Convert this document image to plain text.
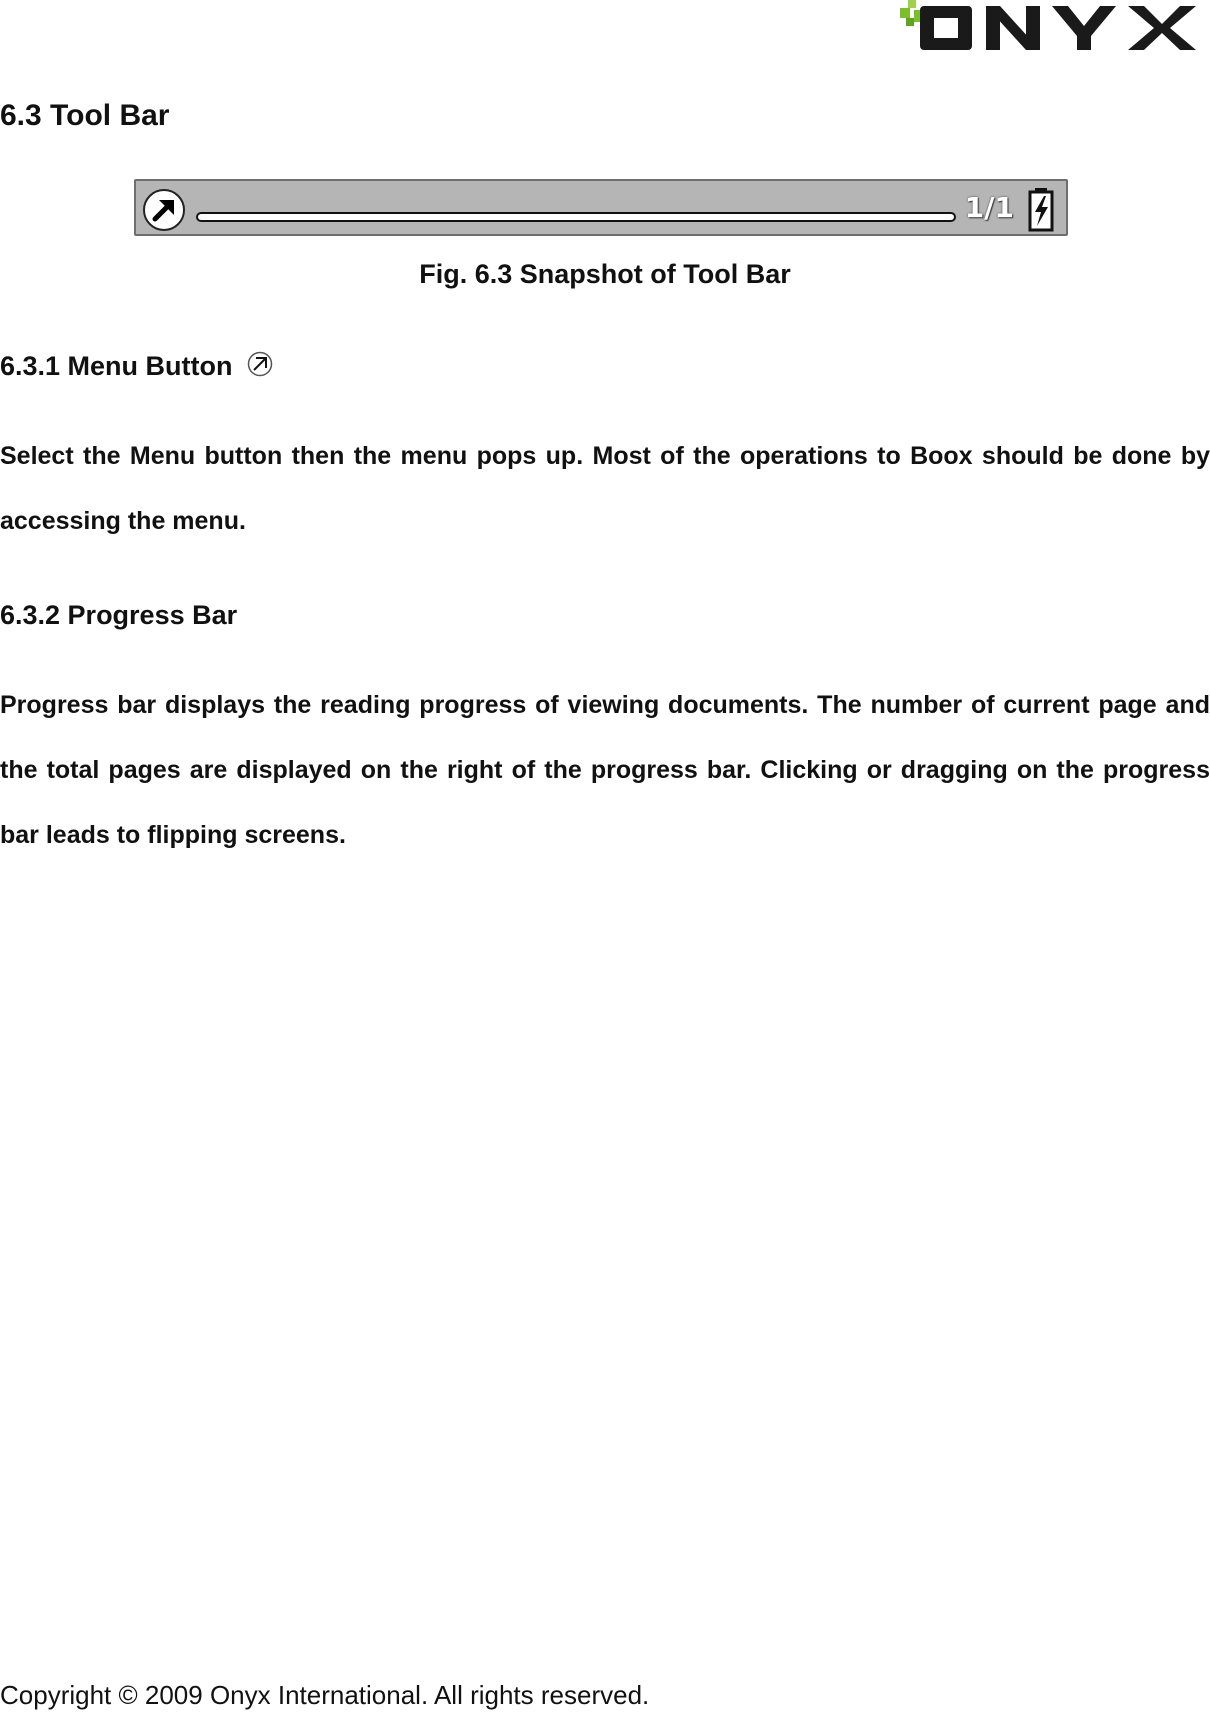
6.3 Tool Bar
1/1
Fig. 6.3 Snapshot of Tool Bar
6.3.1 Menu Button

Select the Menu button then the menu pops up. Most of the operations to Boox should be done by accessing the menu.

6.3.2 Progress Bar

Progress bar displays the reading progress of viewing documents. The number of current page and the total pages are displayed on the right of the progress bar. Clicking or dragging on the progress bar leads to flipping screens.

Copyright © 2009 Onyx International. All rights reserved.
